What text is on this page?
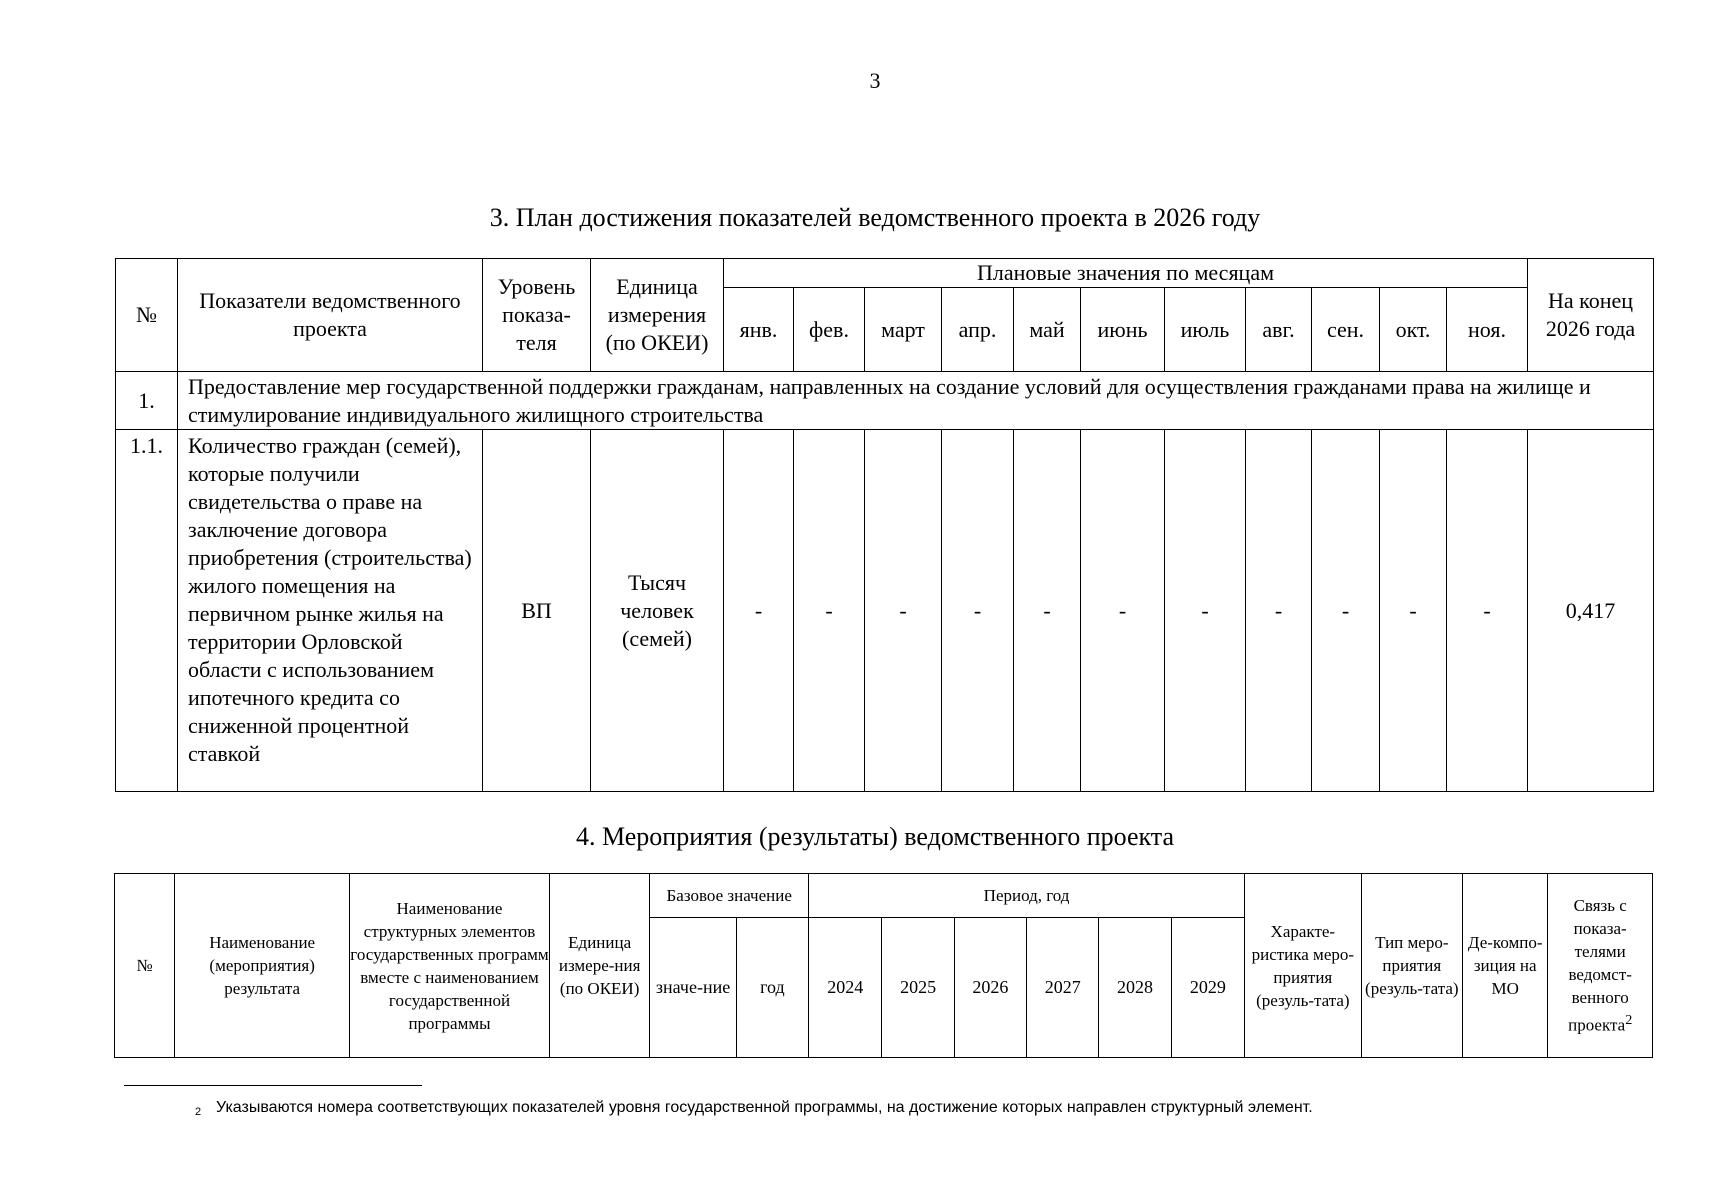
3
3. План достижения показателей ведомственного проекта в 2026 году
№	Показатели ведомственного проекта	Уровень показа-теля	Единица измерения (по ОКЕИ)	Плановые значения по месяцам											На конец 2026 года
				янв.	фев.	март	апр.	май	июнь	июль	авг.	сен.	окт.	ноя.	
1.	Предоставление мер государственной поддержки гражданам, направленных на создание условий для осуществления гражданами права на жилище и стимулирование индивидуального жилищного строительства														
1.1.	Количество граждан (семей), которые получили свидетельства о праве на заключение договора приобретения (строительства) жилого помещения на первичном рынке жилья на территории Орловской области с использованием ипотечного кредита со сниженной процентной ставкой	ВП	Тысяч человек (семей)	-	-	-	-	-	-	-	-	-	-	-	0,417
4. Мероприятия (результаты) ведомственного проекта
№	Наименование (мероприятия) результата	Наименование структурных элементов государственных программ вместе с наименованием государственной программы	Единица измере-ния (по ОКЕИ)	Базовое значение		Период, год						Характе-ристика меро-приятия (резуль-тата)	Тип меро-приятия (резуль-тата)	Де-компо-зиция на МО	Связь с показа-телями ведомст-венного проекта$^2$
				значе-ние	год	2024	2025	2026	2027	2028	2029				
2 Указываются номера соответствующих показателей уровня государственной программы, на достижение которых направлен структурный элемент.
